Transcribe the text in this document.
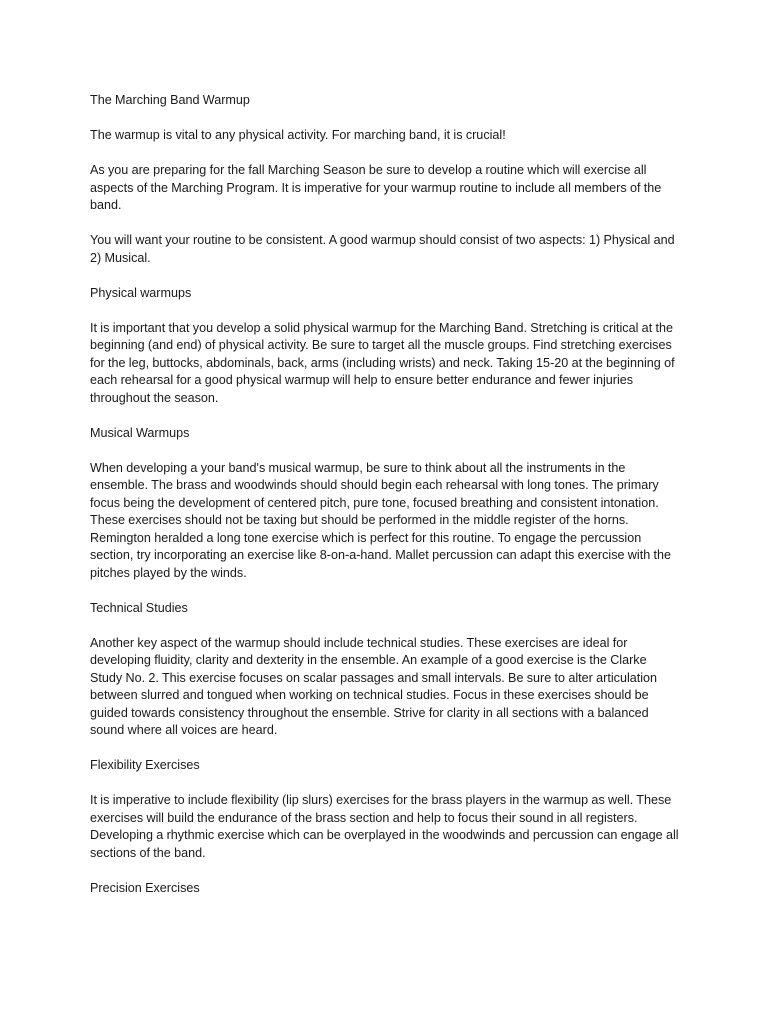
The Marching Band Warmup

The warmup is vital to any physical activity. For marching band, it is crucial!

As you are preparing for the fall Marching Season be sure to develop a routine which will exercise all aspects of the Marching Program. It is imperative for your warmup routine to include all members of the band.

You will want your routine to be consistent. A good warmup should consist of two aspects: 1) Physical and 2) Musical.

Physical warmups

It is important that you develop a solid physical warmup for the Marching Band. Stretching is critical at the beginning (and end) of physical activity. Be sure to target all the muscle groups. Find stretching exercises for the leg, buttocks, abdominals, back, arms (including wrists) and neck. Taking 15-20 at the beginning of each rehearsal for a good physical warmup will help to ensure better endurance and fewer injuries throughout the season.

Musical Warmups

When developing a your band's musical warmup, be sure to think about all the instruments in the ensemble. The brass and woodwinds should should begin each rehearsal with long tones. The primary focus being the development of centered pitch, pure tone, focused breathing and consistent intonation. These exercises should not be taxing but should be performed in the middle register of the horns. Remington heralded a long tone exercise which is perfect for this routine. To engage the percussion section, try incorporating an exercise like 8-on-a-hand. Mallet percussion can adapt this exercise with the pitches played by the winds.

Technical Studies

Another key aspect of the warmup should include technical studies. These exercises are ideal for developing fluidity, clarity and dexterity in the ensemble. An example of a good exercise is the Clarke Study No. 2. This exercise focuses on scalar passages and small intervals. Be sure to alter articulation between slurred and tongued when working on technical studies. Focus in these exercises should be guided towards consistency throughout the ensemble. Strive for clarity in all sections with a balanced sound where all voices are heard.

Flexibility Exercises

It is imperative to include flexibility (lip slurs) exercises for the brass players in the warmup as well. These exercises will build the endurance of the brass section and help to focus their sound in all registers. Developing a rhythmic exercise which can be overplayed in the woodwinds and percussion can engage all sections of the band.

Precision Exercises
